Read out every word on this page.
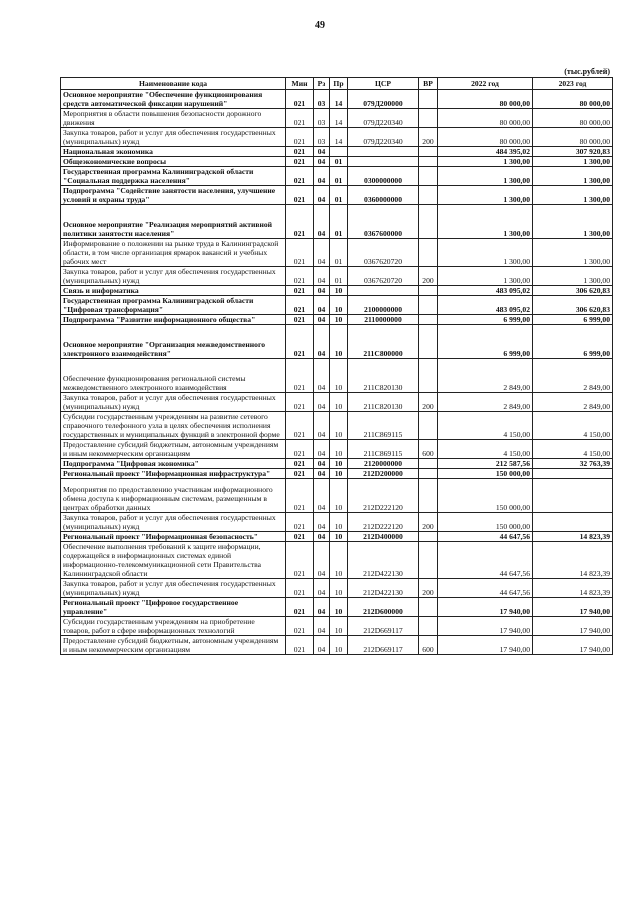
49
(тыс.рублей)
Наименование кода	Мин	Рз	Пр	ЦСР	ВР	2022 год	2023 год
Основное мероприятие "Обеспечение функционирования средств автоматической фиксации нарушений"	021	03	14	079Д200000		80 000,00	80 000,00
Мероприятия в области повышения безопасности дорожного движения	021	03	14	079Д220340		80 000,00	80 000,00
Закупка товаров, работ и услуг для обеспечения государственных (муниципальных) нужд	021	03	14	079Д220340	200	80 000,00	80 000,00
Национальная экономика	021	04				484 395,02	307 920,83
Общеэкономические вопросы	021	04	01			1 300,00	1 300,00
Государственная программа Калининградской области "Социальная поддержка населения"	021	04	01	0300000000		1 300,00	1 300,00
Подпрограмма "Содействие занятости населения, улучшение условий и охраны труда"	021	04	01	0360000000		1 300,00	1 300,00
Основное мероприятие "Реализация мероприятий активной политики занятости населения"	021	04	01	0367600000		1 300,00	1 300,00
Информирование о положении на рынке труда в Калининградской области, в том числе организация ярмарок вакансий и учебных рабочих мест	021	04	01	0367620720		1 300,00	1 300,00
Закупка товаров, работ и услуг для обеспечения государственных (муниципальных) нужд	021	04	01	0367620720	200	1 300,00	1 300,00
Связь и информатика	021	04	10			483 095,02	306 620,83
Государственная программа Калининградской области "Цифровая трансформация"	021	04	10	2100000000		483 095,02	306 620,83
Подпрограмма "Развитие информационного общества"	021	04	10	2110000000		6 999,00	6 999,00
Основное мероприятие "Организация межведомственного электронного взаимодействия"	021	04	10	211С800000		6 999,00	6 999,00
Обеспечение функционирования региональной системы межведомственного электронного взаимодействия	021	04	10	211С820130		2 849,00	2 849,00
Закупка товаров, работ и услуг для обеспечения государственных (муниципальных) нужд	021	04	10	211С820130	200	2 849,00	2 849,00
Субсидии государственным учреждениям на развитие сетевого справочного телефонного узла в целях обеспечения исполнения государственных и муниципальных функций в электронной форме	021	04	10	211С869115		4 150,00	4 150,00
Предоставление субсидий бюджетным, автономным учреждениям и иным некоммерческим организациям	021	04	10	211С869115	600	4 150,00	4 150,00
Подпрограмма "Цифровая экономика"	021	04	10	2120000000		212 587,56	32 763,39
Региональный проект "Информационная инфраструктура"	021	04	10	212D200000		150 000,00	
Мероприятия по предоставлению участникам информационного обмена доступа к информационным системам, размещенным в центрах обработки данных	021	04	10	212D222120		150 000,00	
Закупка товаров, работ и услуг для обеспечения государственных (муниципальных) нужд	021	04	10	212D222120	200	150 000,00	
Региональный проект "Информационная безопасность"	021	04	10	212D400000		44 647,56	14 823,39
Обеспечение выполнения требований к защите информации, содержащейся в информационных системах единой информационно-телекоммуникационной сети Правительства Калининградской области	021	04	10	212D422130		44 647,56	14 823,39
Закупка товаров, работ и услуг для обеспечения государственных (муниципальных) нужд	021	04	10	212D422130	200	44 647,56	14 823,39
Региональный проект "Цифровое государственное управление"	021	04	10	212D600000		17 940,00	17 940,00
Субсидии государственным учреждениям на приобретение товаров, работ в сфере информационных технологий	021	04	10	212D669117		17 940,00	17 940,00
Предоставление субсидий бюджетным, автономным учреждениям и иным некоммерческим организациям	021	04	10	212D669117	600	17 940,00	17 940,00
